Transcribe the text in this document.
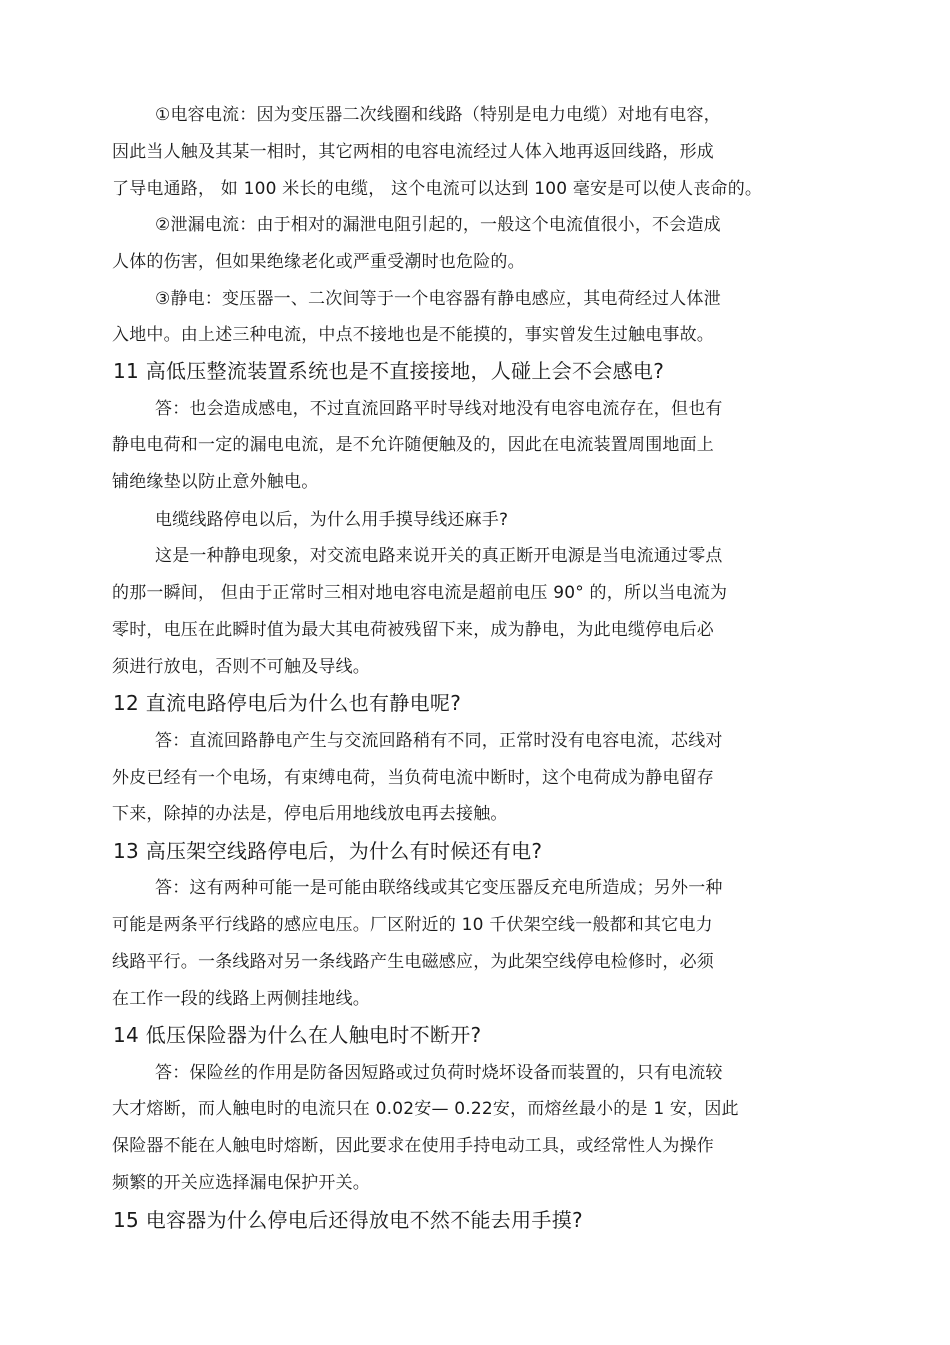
①电容电流：因为变压器二次线圈和线路（特别是电力电缆）对地有电容，
因此当人触及其某一相时，其它两相的电容电流经过人体入地再返回线路，形成
了导电通路， 如 100 米长的电缆， 这个电流可以达到 100 毫安是可以使人丧命的。
②泄漏电流：由于相对的漏泄电阻引起的，一般这个电流值很小，不会造成
人体的伤害，但如果绝缘老化或严重受潮时也危险的。
③静电：变压器一、二次间等于一个电容器有静电感应，其电荷经过人体泄
入地中。由上述三种电流，中点不接地也是不能摸的，事实曾发生过触电事故。
11 高低压整流装置系统也是不直接接地，人碰上会不会感电?
答：也会造成感电，不过直流回路平时导线对地没有电容电流存在，但也有
静电电荷和一定的漏电电流，是不允许随便触及的，因此在电流装置周围地面上
铺绝缘垫以防止意外触电。
电缆线路停电以后，为什么用手摸导线还麻手?
这是一种静电现象，对交流电路来说开关的真正断开电源是当电流通过零点
的那一瞬间， 但由于正常时三相对地电容电流是超前电压 90° 的，所以当电流为
零时，电压在此瞬时值为最大其电荷被残留下来，成为静电，为此电缆停电后必
须进行放电，否则不可触及导线。
12 直流电路停电后为什么也有静电呢?
答：直流回路静电产生与交流回路稍有不同，正常时没有电容电流，芯线对
外皮已经有一个电场，有束缚电荷，当负荷电流中断时，这个电荷成为静电留存
下来，除掉的办法是，停电后用地线放电再去接触。
13 高压架空线路停电后，为什么有时候还有电?
答：这有两种可能一是可能由联络线或其它变压器反充电所造成；另外一种
可能是两条平行线路的感应电压。厂区附近的 10 千伏架空线一般都和其它电力
线路平行。一条线路对另一条线路产生电磁感应，为此架空线停电检修时，必须
在工作一段的线路上两侧挂地线。
14 低压保险器为什么在人触电时不断开?
答：保险丝的作用是防备因短路或过负荷时烧坏设备而装置的，只有电流较
大才熔断，而人触电时的电流只在 0.02安— 0.22安，而熔丝最小的是 1 安，因此
保险器不能在人触电时熔断，因此要求在使用手持电动工具，或经常性人为操作
频繁的开关应选择漏电保护开关。
15 电容器为什么停电后还得放电不然不能去用手摸?
